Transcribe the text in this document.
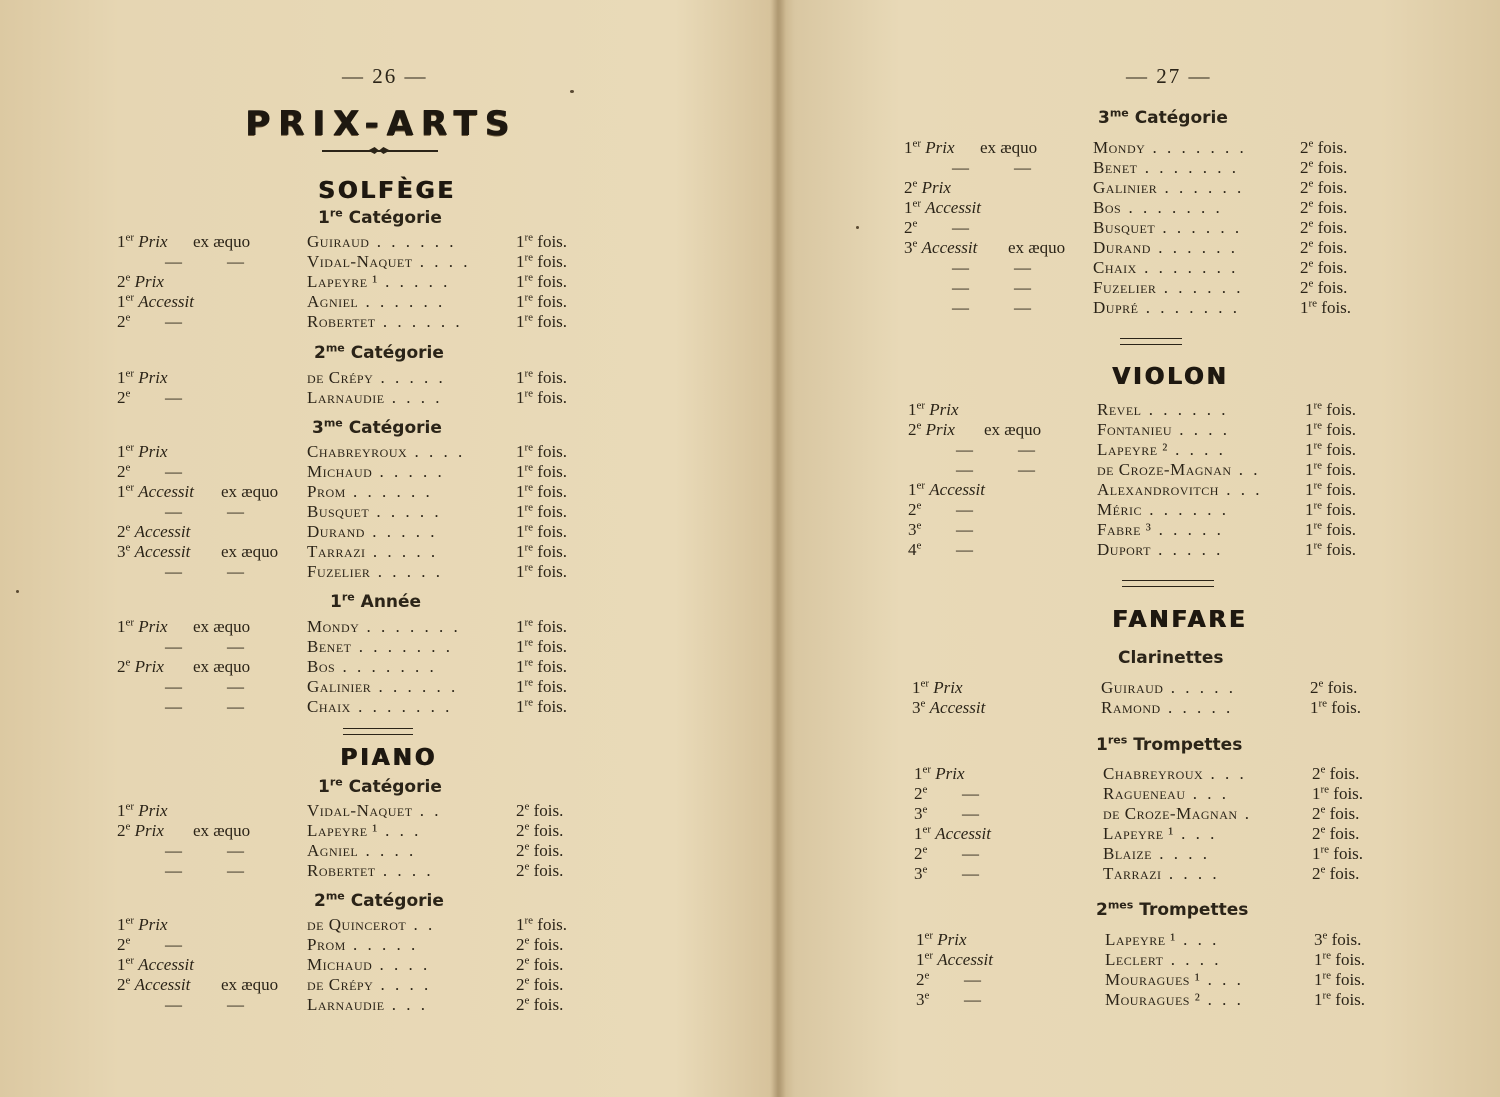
— 26 —
PRIX-ARTS
SOLFÈGE
1re Catégorie
1er Prix ex æquo	Guiraud . . . . . .	1re fois.
—	—	Vidal-Naquet . . . .	1re fois.
2e Prix	Lapeyre ¹ . . . . .	1re fois.
1er Accessit	Agniel . . . . . .	1re fois.
2e —	Robertet . . . . . .	1re fois.
$2^{me}$ Catégorie
1er Prix	de Crépy . . . . .	1re fois.
2e —	Larnaudie . . . .	1re fois.
$3^{me}$ Catégorie
1er Prix	Chabreyroux . . . .	1re fois.
2e —	Michaud . . . . .	1re fois.
1er Accessit ex æquo Prom . . . . . .	1re fois.
—	—	Busquet . . . . .	1re fois.
2e Accessit	Durand . . . . .	1re fois.
3e Accessit ex æquo Tarrazi . . . . .	1re fois.
—	—	Fuzelier . . . . .	1re fois.
1re Année
1er Prix ex æquo	Mondy . . . . . . .	1re fois.
—	—	Benet . . . . . . .	1re fois.
2e Prix ex æquo	Bos . . . . . . .	1re fois.
—	—	Galinier . . . . . .	1re fois.
—	—	Chaix . . . . . . .	1re fois.
PIANO
1re Catégorie
1er Prix	Vidal-Naquet . .	2e fois.
2e Prix ex æquo	Lapeyre ¹ . . .	2e fois.
—	—	Agniel . . . .	2e fois.
—	—	Robertet . . . .	2e fois.
$2^{me}$ Catégorie
1er Prix	de Quincerot . .	1re fois.
2e —	Prom . . . . .	2e fois.
1er Accessit	Michaud . . . .	2e fois.
2e Accessit ex æquo de Crépy . . . .	2e fois.
—	—	Larnaudie . . .	2e fois.
— 27 —
$3^{me}$ Catégorie
1er Prix ex æquo	Mondy . . . . . . .	2e fois.
—	—	Benet . . . . . . .	2e fois.
2e Prix	Galinier . . . . . .	2e fois.
1er Accessit	Bos . . . . . . .	2e fois.
2e —	Busquet . . . . . .	2e fois.
3e Accessit ex æquo Durand . . . . . .	2e fois.
—	—	Chaix . . . . . . .	2e fois.
—	—	Fuzelier . . . . . .	2e fois.
—	—	Dupré . . . . . . .	1re fois.
VIOLON
1er Prix	Revel . . . . . .	1re fois.
2e Prix ex æquo	Fontanieu . . . .	1re fois.
—	—	Lapeyre ² . . . .	1re fois.
—	—	de Croze-Magnan . .	1re fois.
1er Accessit	Alexandrovitch . . .	1re fois.
2e —	Méric . . . . . .	1re fois.
3e —	Fabre ³ . . . . .	1re fois.
4e —	Duport . . . . .	1re fois.
FANFARE
Clarinettes
1er Prix	Guiraud . . . . .	2e fois.
3e Accessit	Ramond . . . . .	1re fois.
1res Trompettes
1er Prix	Chabreyroux . . .	2e fois.
2e —	Ragueneau . . .	1re fois.
3e —	de Croze-Magnan .	2e fois.
1er Accessit	Lapeyre ¹ . . .	2e fois.
2e —	Blaize . . . .	1re fois.
3e —	Tarrazi . . . .	2e fois.
$2^{mes}$ Trompettes
1er Prix	Lapeyre ¹ . . .	3e fois.
1er Accessit	Leclert . . . .	1re fois.
2e —	Mouragues ¹ . . .	1re fois.
3e —	Mouragues ² . . .	1re fois.
